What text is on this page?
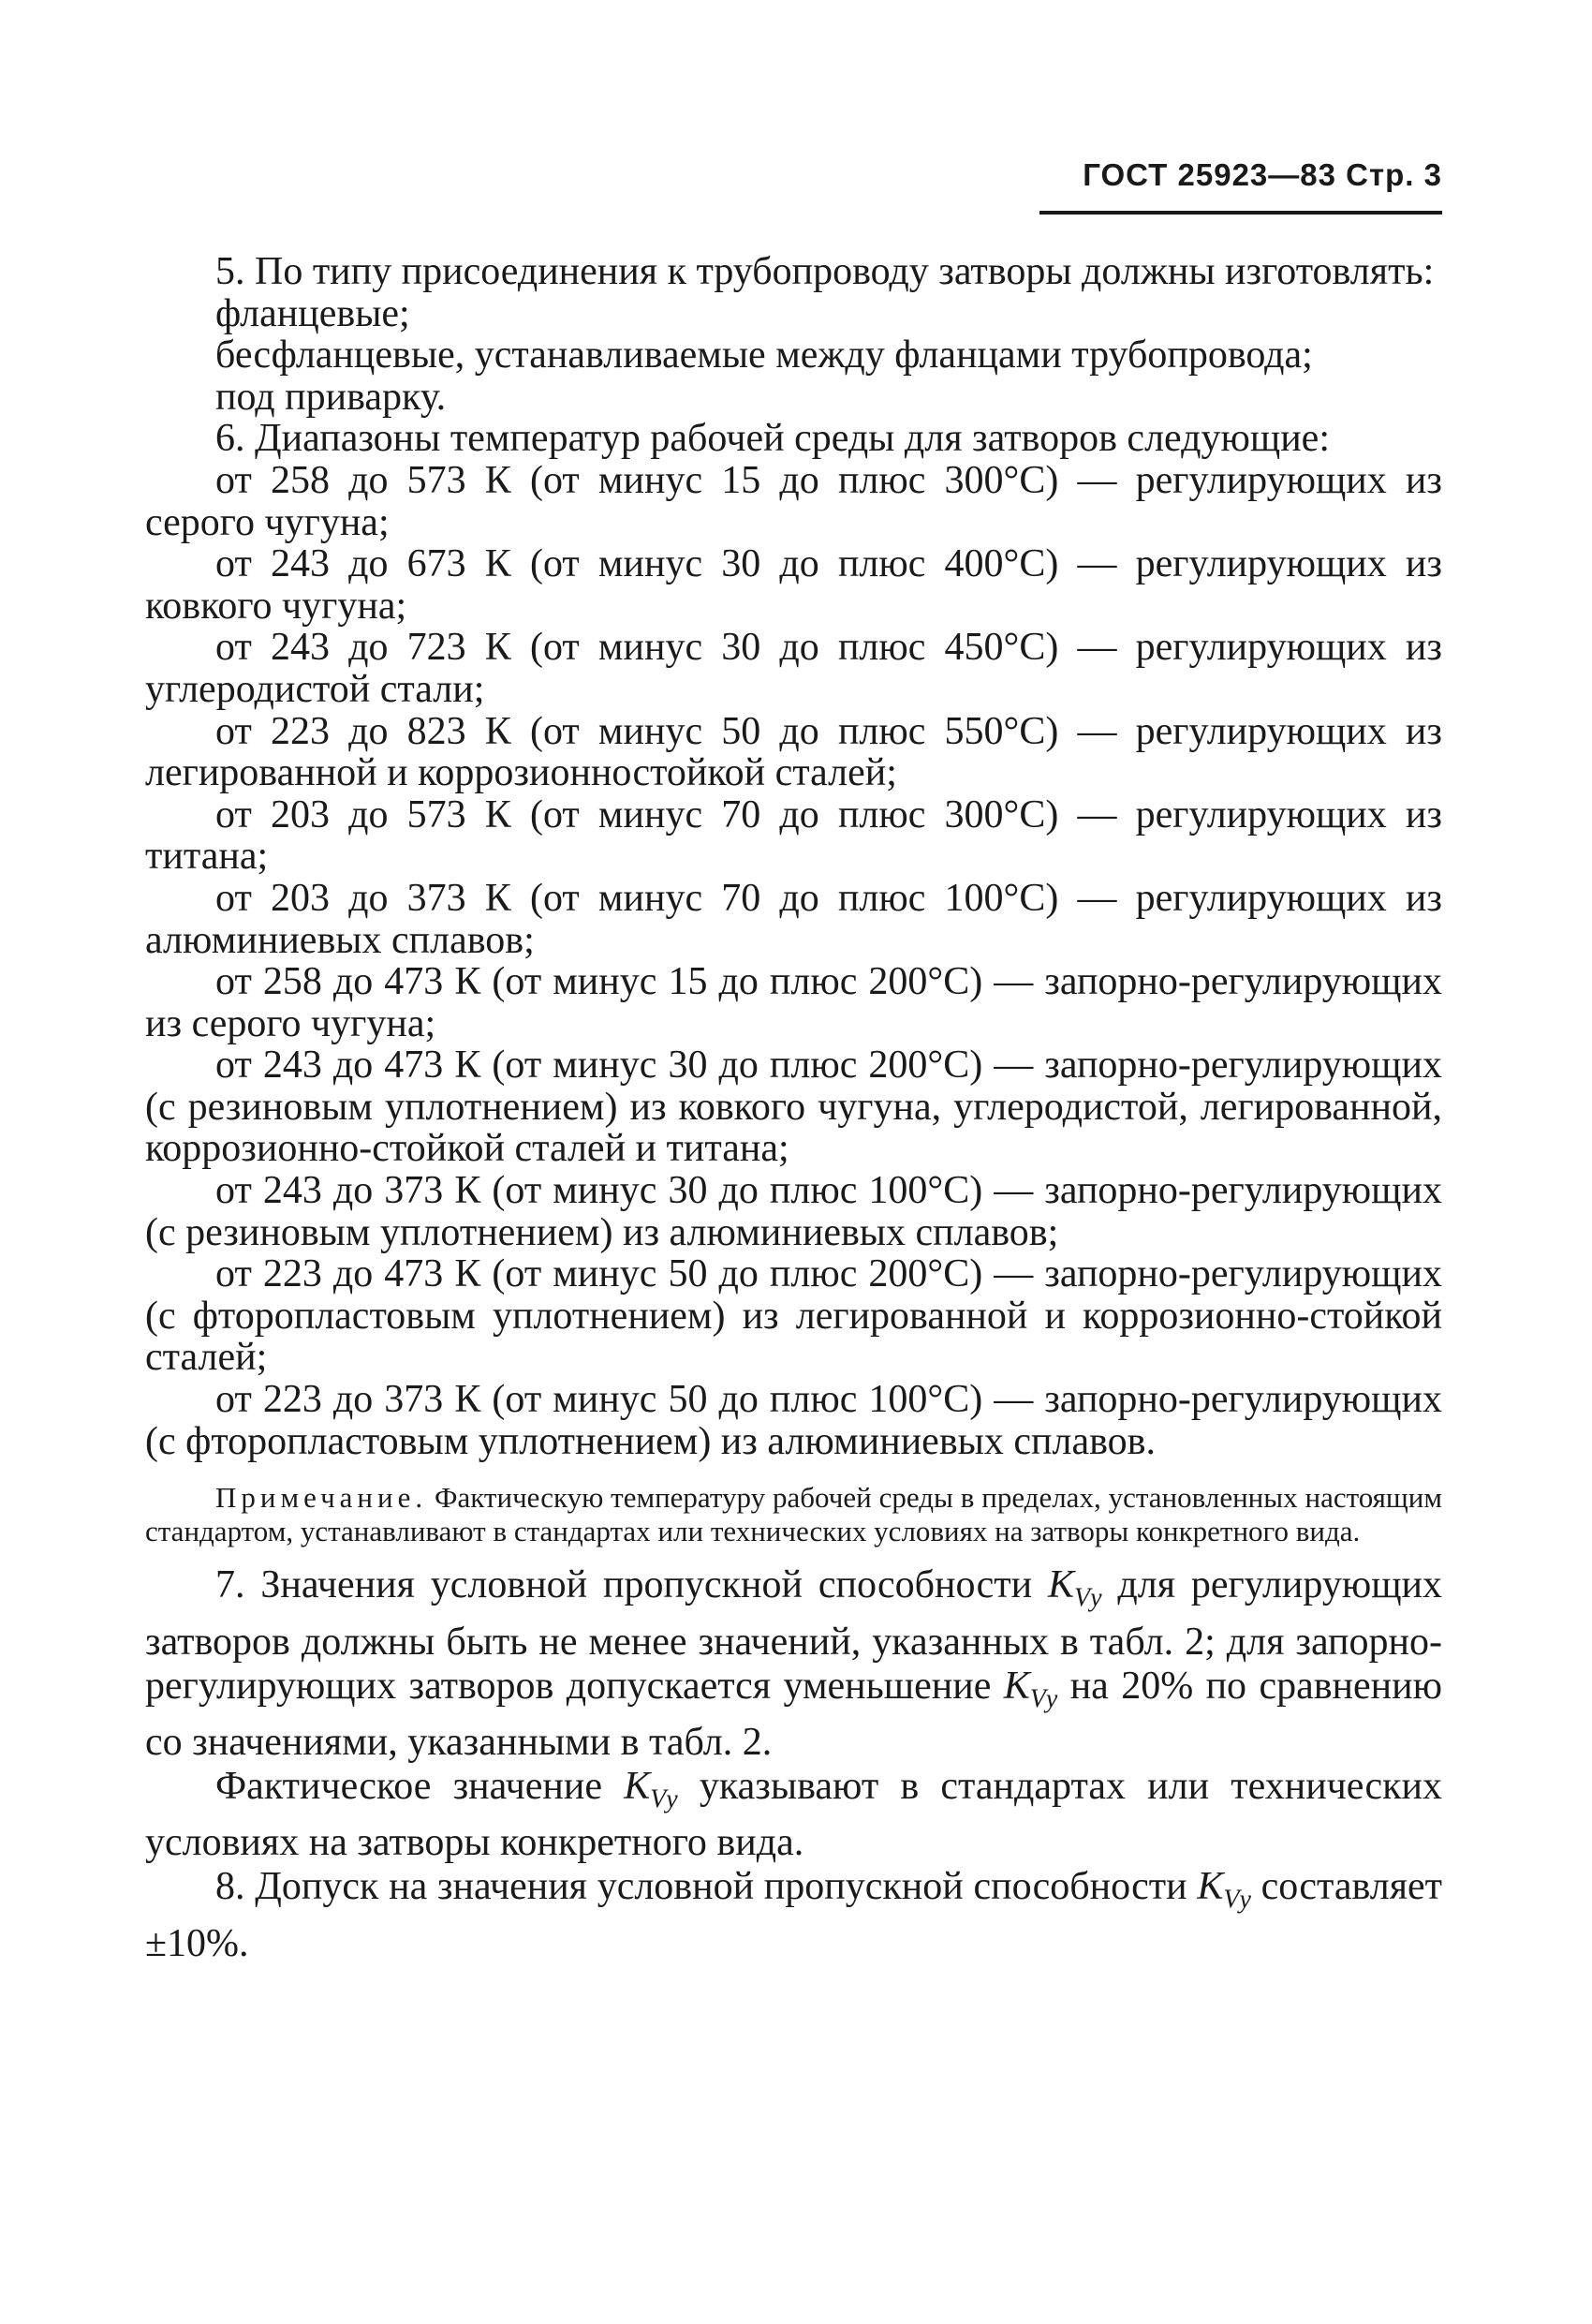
ГОСТ 25923—83 Стр. 3

5. По типу присоединения к трубопроводу затворы должны изготовлять:

фланцевые;

бесфланцевые, устанавливаемые между фланцами трубопровода;

под приварку.

6. Диапазоны температур рабочей среды для затворов следующие:

от 258 до 573 К (от минус 15 до плюс 300°С) — регулирующих из серого чугуна;

от 243 до 673 К (от минус 30 до плюс 400°С) — регулирующих из ковкого чугуна;

от 243 до 723 К (от минус 30 до плюс 450°С) — регулирующих из углеродистой стали;

от 223 до 823 К (от минус 50 до плюс 550°С) — регулирующих из легированной и коррозионностойкой сталей;

от 203 до 573 К (от минус 70 до плюс 300°С) — регулирующих из титана;

от 203 до 373 К (от минус 70 до плюс 100°С) — регулирующих из алюминиевых сплавов;

от 258 до 473 К (от минус 15 до плюс 200°С) — запорно-регулирующих из серого чугуна;

от 243 до 473 К (от минус 30 до плюс 200°С) — запорно-регулирующих (с резиновым уплотнением) из ковкого чугуна, углеродистой, легированной, коррозионно-стойкой сталей и титана;

от 243 до 373 К (от минус 30 до плюс 100°С) — запорно-регулирующих (с резиновым уплотнением) из алюминиевых сплавов;

от 223 до 473 К (от минус 50 до плюс 200°С) — запорно-регулирующих (с фторопластовым уплотнением) из легированной и коррозионно-стойкой сталей;

от 223 до 373 К (от минус 50 до плюс 100°С) — запорно-регулирующих (с фторопластовым уплотнением) из алюминиевых сплавов.

Примечание. Фактическую температуру рабочей среды в пределах, установленных настоящим стандартом, устанавливают в стандартах или технических условиях на затворы конкретного вида.

7. Значения условной пропускной способности $K_{Vу}$ для регулирующих затворов должны быть не менее значений, указанных в табл. 2; для запорно-регулирующих затворов допускается уменьшение $K_{Vу}$ на 20% по сравнению со значениями, указанными в табл. 2.

Фактическое значение $K_{Vу}$ указывают в стандартах или технических условиях на затворы конкретного вида.

8. Допуск на значения условной пропускной способности $K_{Vу}$ составляет ±10%.
